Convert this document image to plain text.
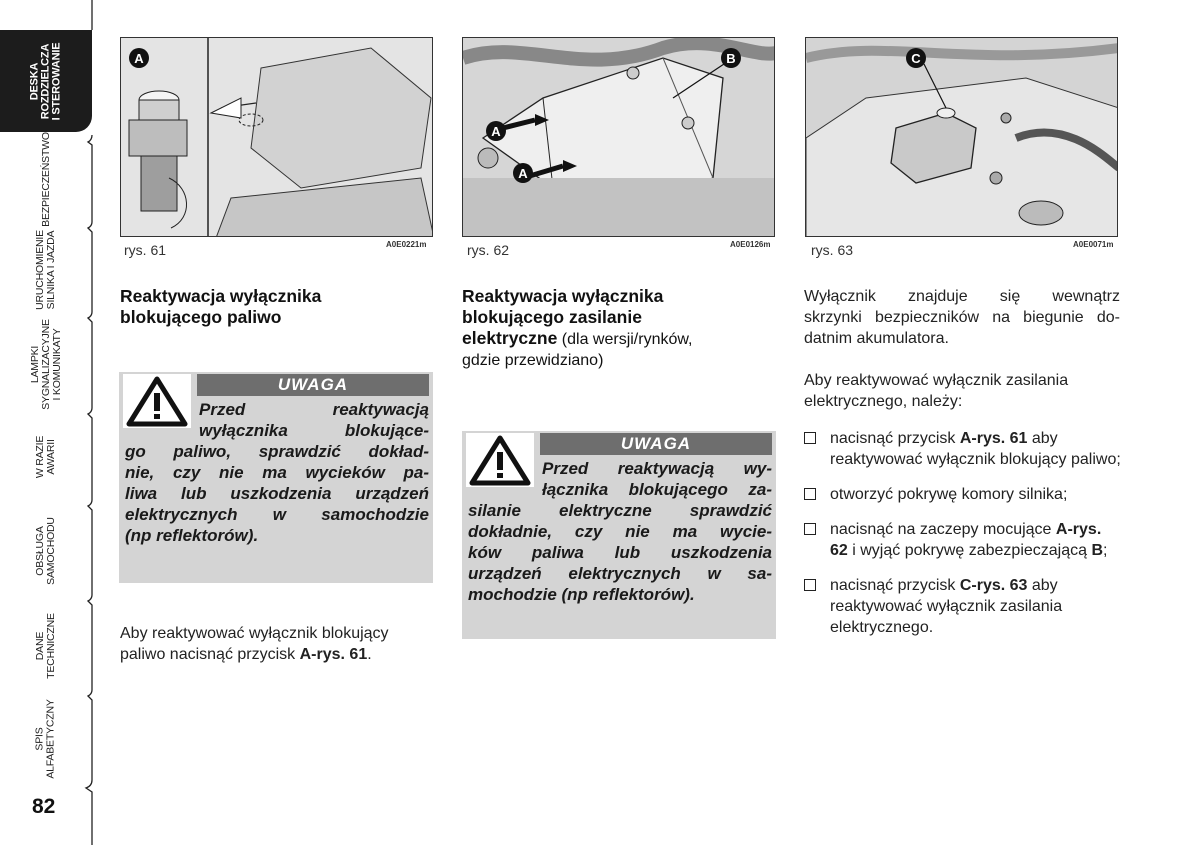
DESKA ROZDZIELCZA I STEROWANIE
BEZPIECZEŃSTWO
URUCHOMIENIE SILNIKA I JAZDA
LAMPKI SYGNALIZACYJNE I KOMUNIKATY
W RAZIE AWARII
OBSŁUGA SAMOCHODU
DANE TECHNICZNE
SPIS ALFABETYCZNY
82
A
rys. 61	A0E0221m
A
A
B
rys. 62	A0E0126m
C
rys. 63	A0E0071m
Reaktywacja wyłącznika
blokującego paliwo
UWAGA
Przed reaktywacją
wyłącznika blokujące-
go paliwo, sprawdzić dokład-
nie, czy nie ma wycieków pa-
liwa lub uszkodzenia urządzeń
elektrycznych w samochodzie
(np reflektorów).
Aby reaktywować wyłącznik blokujący
paliwo nacisnąć przycisk A-rys. 61.
Reaktywacja wyłącznika
blokującego zasilanie
elektryczne (dla wersji/rynków,
gdzie przewidziano)
UWAGA
Przed reaktywacją wy-
łącznika blokującego za-
silanie elektryczne sprawdzić
dokładnie, czy nie ma wycie-
ków paliwa lub uszkodzenia
urządzeń elektrycznych w sa-
mochodzie (np reflektorów).
Wyłącznik znajduje się wewnątrz
skrzynki bezpieczników na biegunie do-
datnim akumulatora.
Aby reaktywować wyłącznik zasilania
elektrycznego, należy:
nacisnąć przycisk A-rys. 61 aby reaktywować wyłącznik blokujący paliwo;
otworzyć pokrywę komory silnika;
nacisnąć na zaczepy mocujące A-rys. 62 i wyjąć pokrywę zabezpieczającą B;
nacisnąć przycisk C-rys. 63 aby reaktywować wyłącznik zasilania elektrycznego.
